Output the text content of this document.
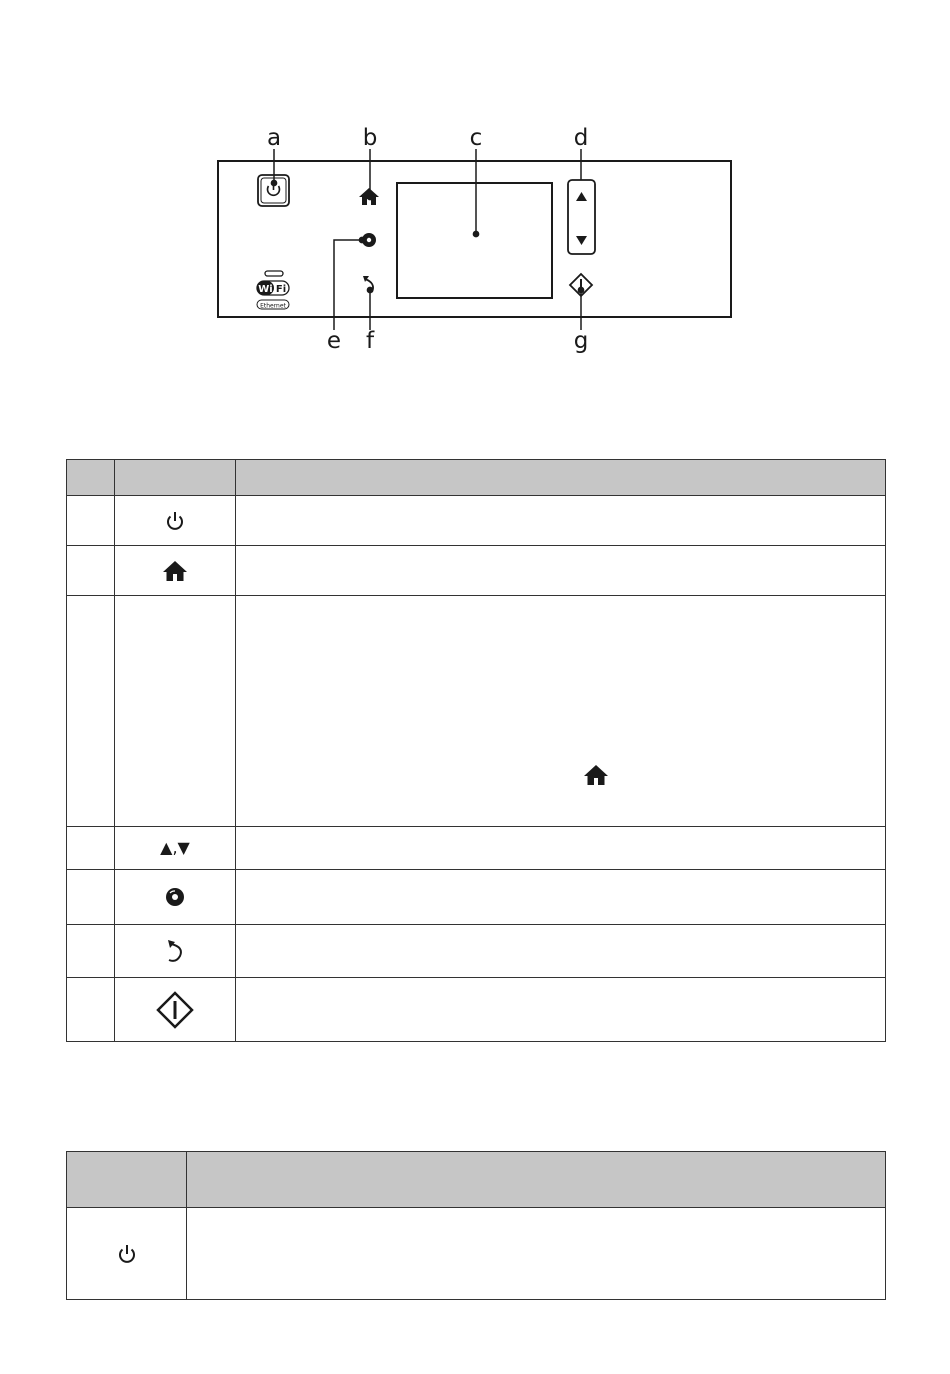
Wi Fi
Ethernet
a	b	c	d
e f	g

	▲,▼	
